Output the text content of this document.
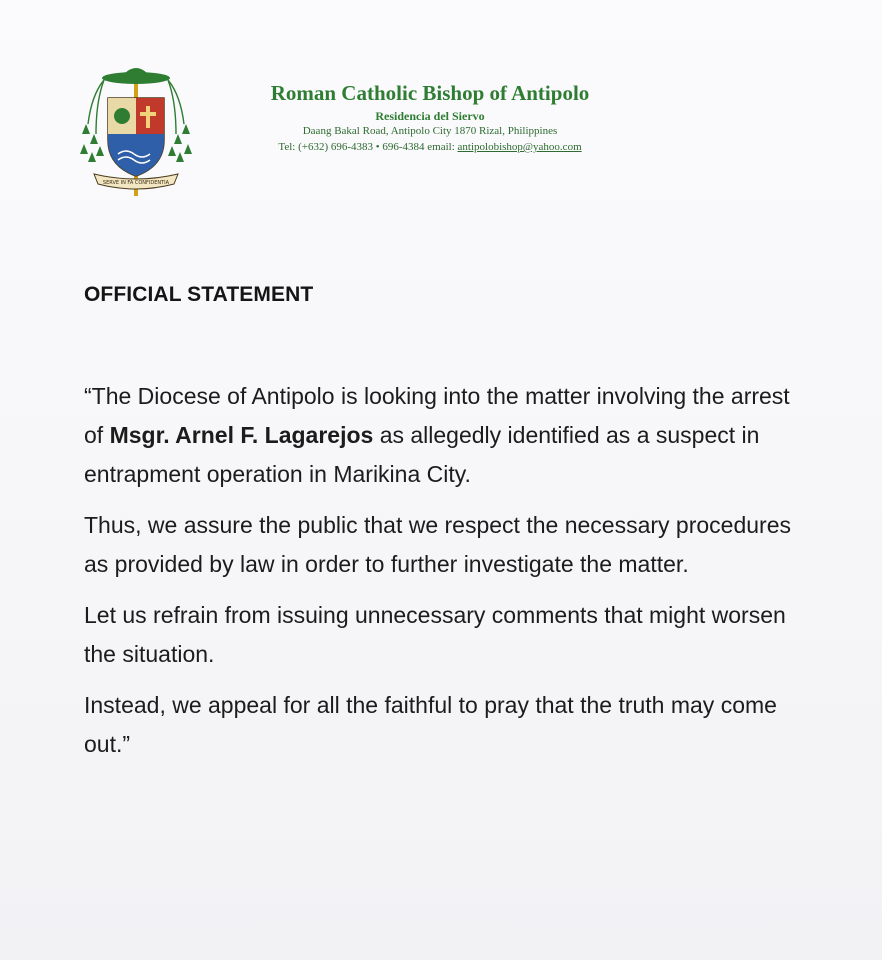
SERVE IN FA CONFIDENTIA
Roman Catholic Bishop of Antipolo
Residencia del Siervo
Daang Bakal Road, Antipolo City 1870 Rizal, Philippines
Tel: (+632) 696-4383 • 696-4384 email: antipolobishop@yahoo.com
OFFICIAL STATEMENT

“The Diocese of Antipolo is looking into the matter involving the arrest of Msgr. Arnel F. Lagarejos as allegedly identified as a suspect in entrapment operation in Marikina City.

Thus, we assure the public that we respect the necessary procedures as provided by law in order to further investigate the matter.

Let us refrain from issuing unnecessary comments that might worsen the situation.

Instead, we appeal for all the faithful to pray that the truth may come out.”
